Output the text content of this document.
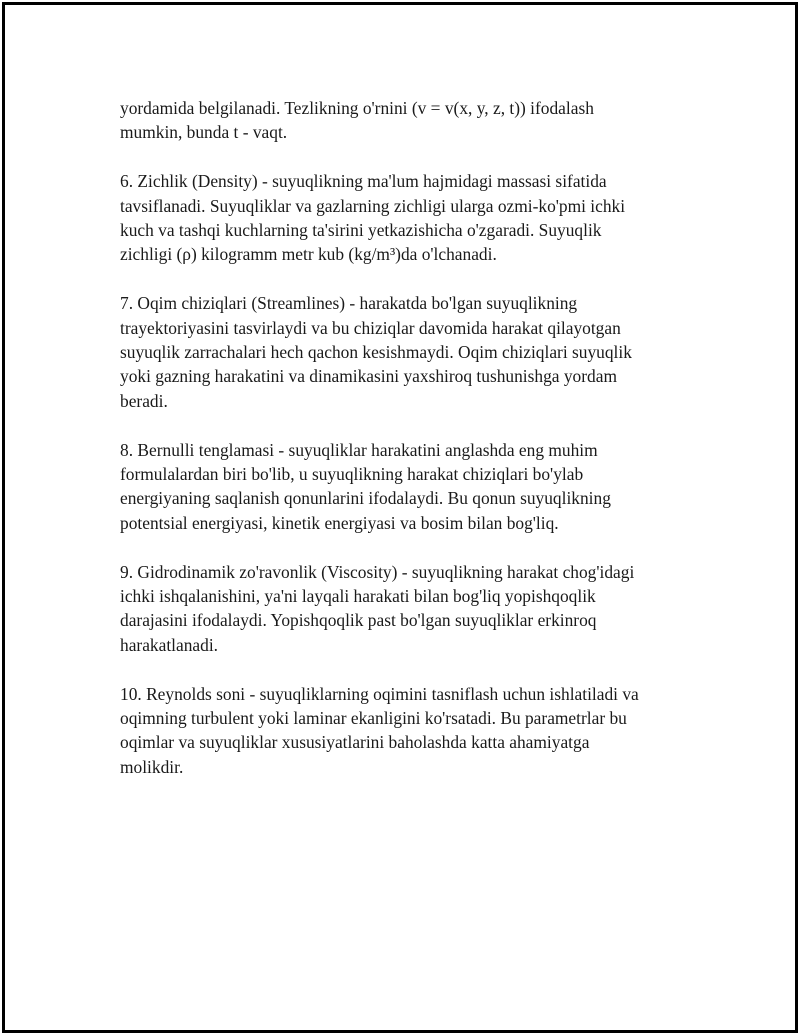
yordamida belgilanadi. Tezlikning o'rnini (v = v(x, y, z, t)) ifodalash
mumkin, bunda t - vaqt.

6. Zichlik (Density) - suyuqlikning ma'lum hajmidagi massasi sifatida
tavsiflanadi. Suyuqliklar va gazlarning zichligi ularga ozmi-ko'pmi ichki
kuch va tashqi kuchlarning ta'sirini yetkazishicha o'zgaradi. Suyuqlik
zichligi (ρ) kilogramm metr kub (kg/m³)da o'lchanadi.

7. Oqim chiziqlari (Streamlines) - harakatda bo'lgan suyuqlikning
trayektoriyasini tasvirlaydi va bu chiziqlar davomida harakat qilayotgan
suyuqlik zarrachalari hech qachon kesishmaydi. Oqim chiziqlari suyuqlik
yoki gazning harakatini va dinamikasini yaxshiroq tushunishga yordam
beradi.

8. Bernulli tenglamasi - suyuqliklar harakatini anglashda eng muhim
formulalardan biri bo'lib, u suyuqlikning harakat chiziqlari bo'ylab
energiyaning saqlanish qonunlarini ifodalaydi. Bu qonun suyuqlikning
potentsial energiyasi, kinetik energiyasi va bosim bilan bog'liq.

9. Gidrodinamik zo'ravonlik (Viscosity) - suyuqlikning harakat chog'idagi
ichki ishqalanishini, ya'ni layqali harakati bilan bog'liq yopishqoqlik
darajasini ifodalaydi. Yopishqoqlik past bo'lgan suyuqliklar erkinroq
harakatlanadi.

10. Reynolds soni - suyuqliklarning oqimini tasniflash uchun ishlatiladi va
oqimning turbulent yoki laminar ekanligini ko'rsatadi. Bu parametrlar bu
oqimlar va suyuqliklar xususiyatlarini baholashda katta ahamiyatga
molikdir.
